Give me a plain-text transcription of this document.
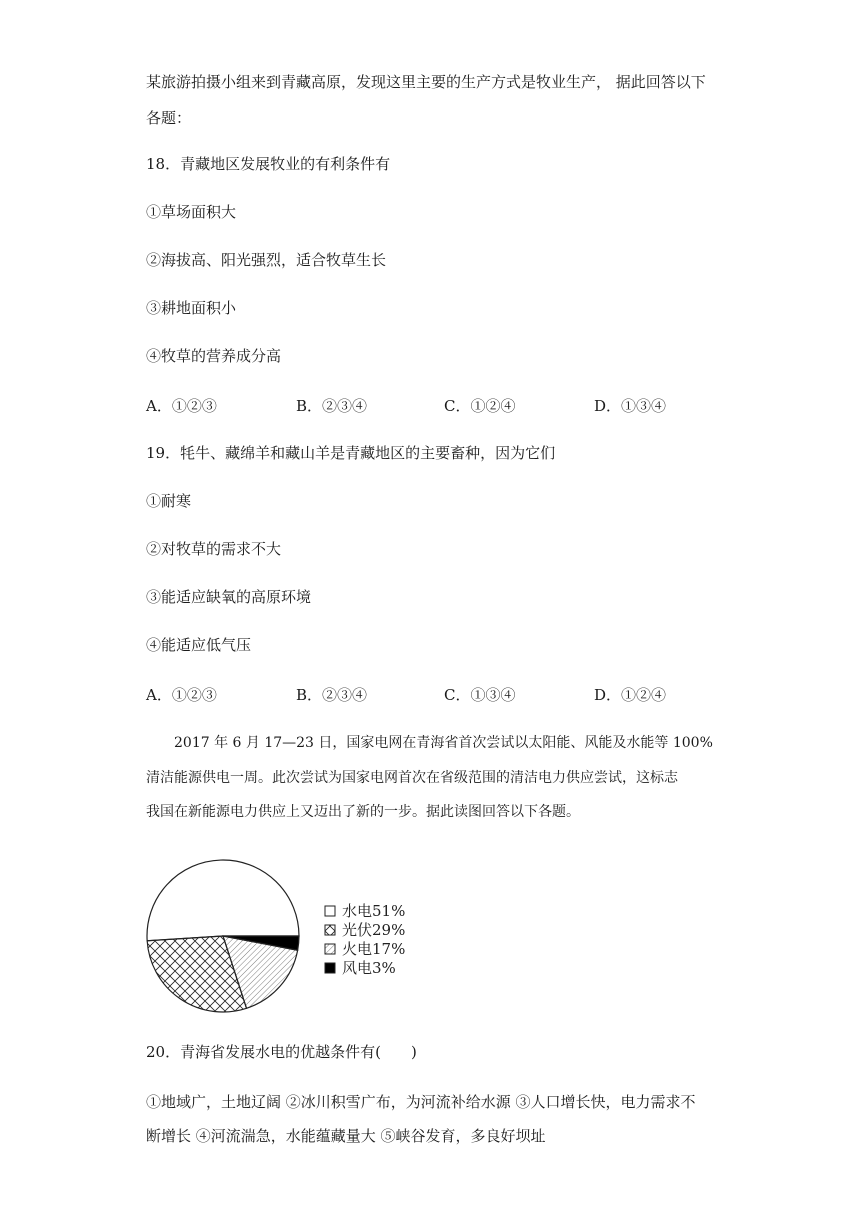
某旅游拍摄小组来到青藏高原，发现这里主要的生产方式是牧业生产， 据此回答以下
各题：
18．青藏地区发展牧业的有利条件有
①草场面积大
②海拔高、阳光强烈，适合牧草生长
③耕地面积小
④牧草的营养成分高
A．①②③	B．②③④	C．①②④	D．①③④
19．牦牛、藏绵羊和藏山羊是青藏地区的主要畜种，因为它们
①耐寒
②对牧草的需求不大
③能适应缺氧的高原环境
④能适应低气压
A．①②③	B．②③④	C．①③④	D．①②④
2017 年 6 月 17—23 日，国家电网在青海省首次尝试以太阳能、风能及水能等 100%
清洁能源供电一周。此次尝试为国家电网首次在省级范围的清洁电力供应尝试，这标志
我国在新能源电力供应上又迈出了新的一步。据此读图回答以下各题。
水电51%
光伏29%
火电17%
风电3%
20．青海省发展水电的优越条件有(　　)
①地域广，土地辽阔 ②冰川积雪广布，为河流补给水源 ③人口增长快，电力需求不
断增长 ④河流湍急，水能蕴藏量大 ⑤峡谷发育，多良好坝址
